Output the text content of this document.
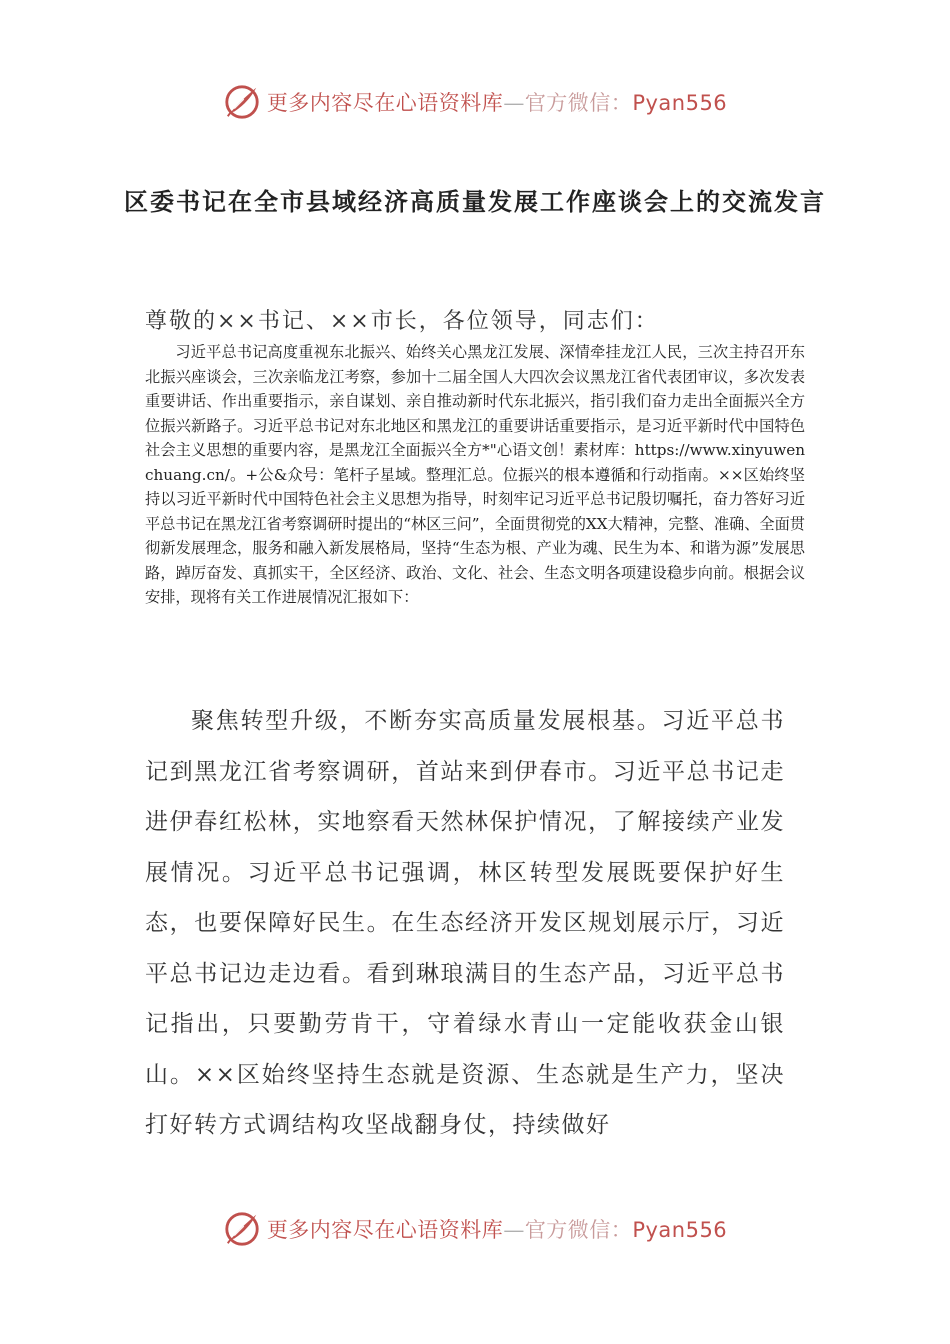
更多内容尽在心语资料库—官方微信：Pyan556
区委书记在全市县域经济高质量发展工作座谈会上的交流发言
尊敬的××书记、××市长，各位领导，同志们：
习近平总书记高度重视东北振兴、始终关心黑龙江发展、深情牵挂龙江人民，三次主持召开东北振兴座谈会，三次亲临龙江考察，参加十二届全国人大四次会议黑龙江省代表团审议，多次发表重要讲话、作出重要指示，亲自谋划、亲自推动新时代东北振兴，指引我们奋力走出全面振兴全方位振兴新路子。习近平总书记对东北地区和黑龙江的重要讲话重要指示，是习近平新时代中国特色社会主义思想的重要内容，是黑龙江全面振兴全方*"心语文创！素材库：https://www.xinyuwenchuang.cn/。+公&众号：笔杆子星域。整理汇总。位振兴的根本遵循和行动指南。××区始终坚持以习近平新时代中国特色社会主义思想为指导，时刻牢记习近平总书记殷切嘱托，奋力答好习近平总书记在黑龙江省考察调研时提出的“林区三问”，全面贯彻党的XX大精神，完整、准确、全面贯彻新发展理念，服务和融入新发展格局，坚持“生态为根、产业为魂、民生为本、和谐为源”发展思路，踔厉奋发、真抓实干，全区经济、政治、文化、社会、生态文明各项建设稳步向前。根据会议安排，现将有关工作进展情况汇报如下：
聚焦转型升级，不断夯实高质量发展根基。习近平总书记到黑龙江省考察调研，首站来到伊春市。习近平总书记走进伊春红松林，实地察看天然林保护情况，了解接续产业发展情况。习近平总书记强调，林区转型发展既要保护好生态，也要保障好民生。在生态经济开发区规划展示厅，习近平总书记边走边看。看到琳琅满目的生态产品，习近平总书记指出，只要勤劳肯干，守着绿水青山一定能收获金山银山。××区始终坚持生态就是资源、生态就是生产力，坚决打好转方式调结构攻坚战翻身仗，持续做好
更多内容尽在心语资料库—官方微信：Pyan556
